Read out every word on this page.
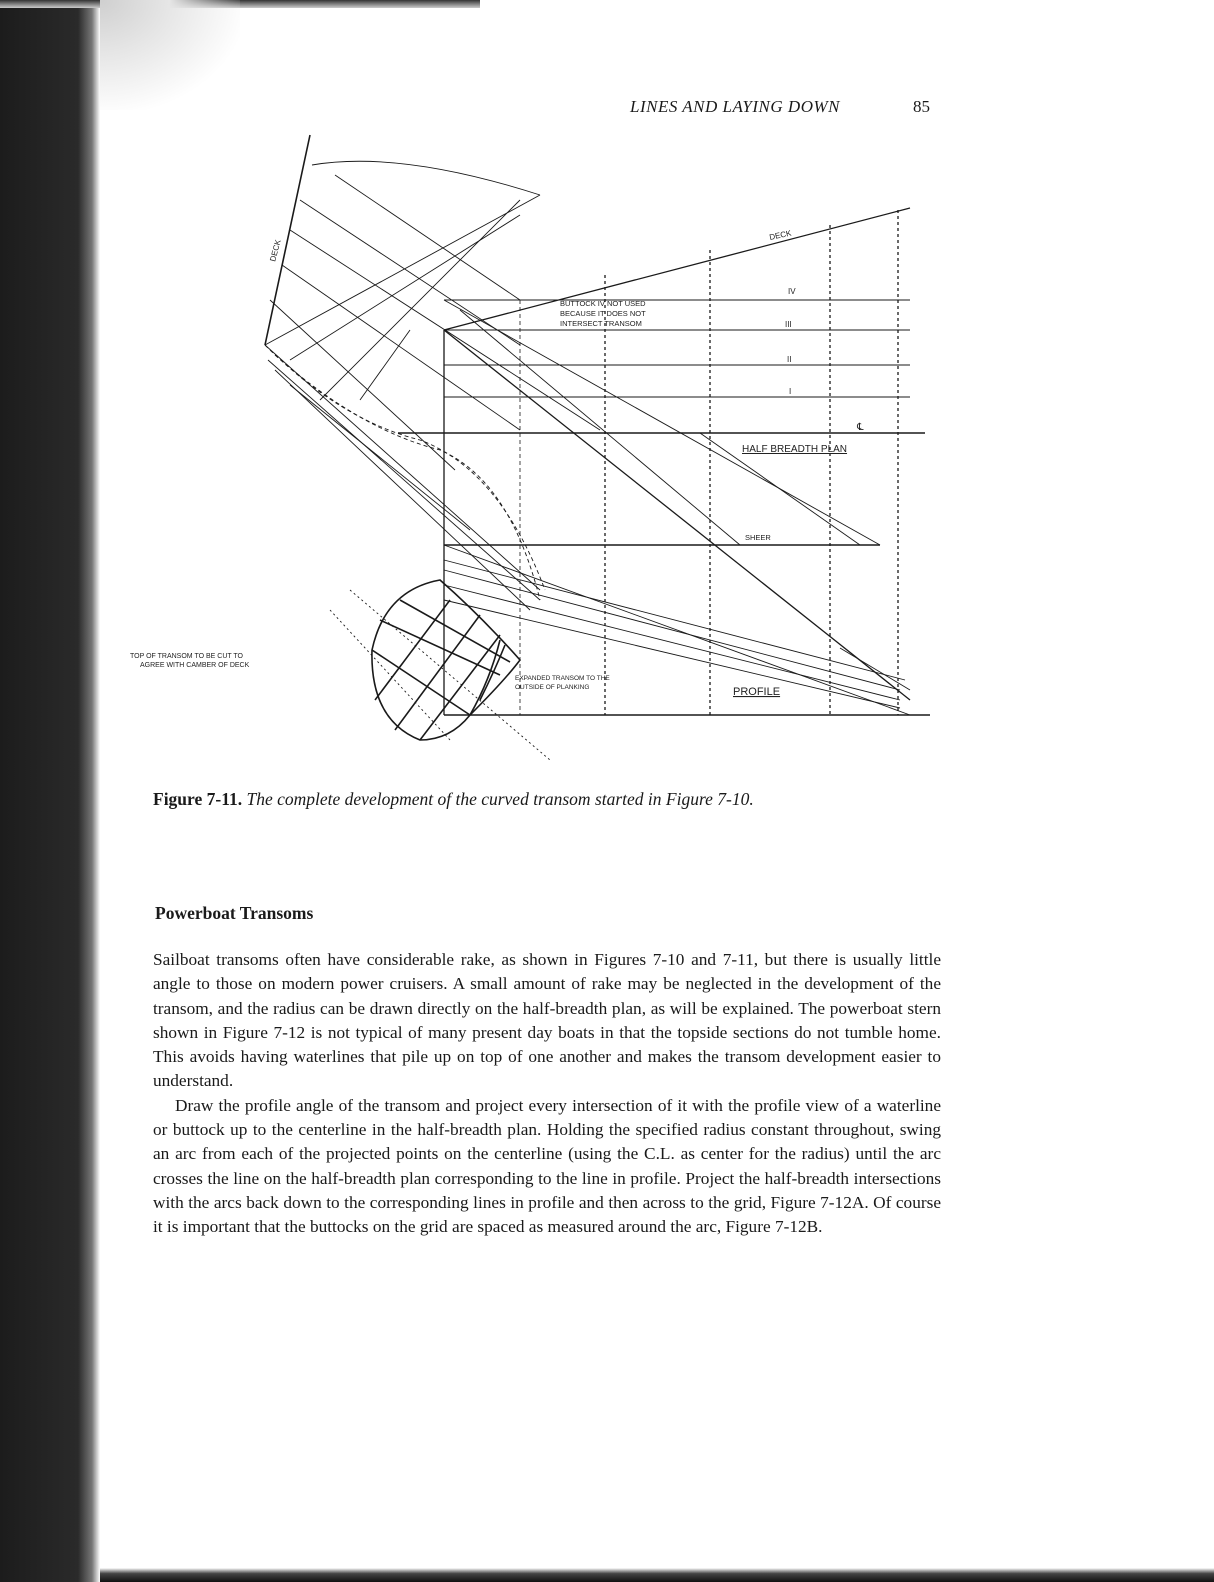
LINES AND LAYING DOWN	85
DECK
DECK
BUTTOCK IV NOT USED
BECAUSE IT DOES NOT
INTERSECT TRANSOM
IV
III
II
I
℄
HALF BREADTH PLAN
SHEER
PROFILE
TOP OF TRANSOM TO BE CUT TO
AGREE WITH CAMBER OF DECK
EXPANDED TRANSOM TO THE
OUTSIDE OF PLANKING
Figure 7-11. The complete development of the curved transom started in Figure 7-10.
Powerboat Transoms

Sailboat transoms often have considerable rake, as shown in Figures 7-10 and 7-11, but there is usually little angle to those on modern power cruisers. A small amount of rake may be neglected in the development of the transom, and the radius can be drawn directly on the half-breadth plan, as will be explained. The powerboat stern shown in Figure 7-12 is not typical of many present day boats in that the topside sections do not tumble home. This avoids having waterlines that pile up on top of one another and makes the transom development easier to understand.

Draw the profile angle of the transom and project every intersection of it with the profile view of a waterline or buttock up to the centerline in the half-breadth plan. Holding the specified radius constant throughout, swing an arc from each of the projected points on the centerline (using the C.L. as center for the radius) until the arc crosses the line on the half-breadth plan corresponding to the line in profile. Project the half-breadth intersections with the arcs back down to the corresponding lines in profile and then across to the grid, Figure 7-12A. Of course it is important that the buttocks on the grid are spaced as measured around the arc, Figure 7-12B.
